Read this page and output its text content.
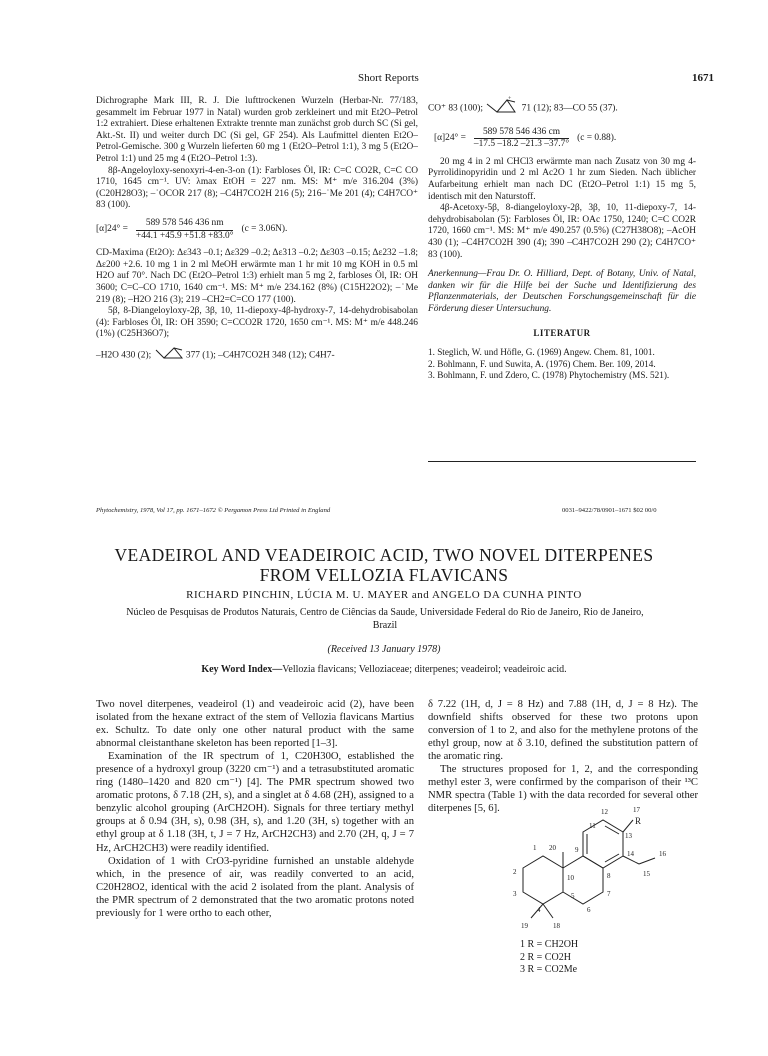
Short Reports	1671

Dichrographe Mark III, R. J. Die lufttrockenen Wurzeln (Herbar-Nr. 77/183, gesammelt im Februar 1977 in Natal) wurden grob zerkleinert und mit Et2O–Petrol 1:2 extrahiert. Diese erhaltenen Extrakte trennte man zunächst grob durch SC (Si gel, Akt.-St. II) und weiter durch DC (Si gel, GF 254). Als Laufmittel dienten Et2O–Petrol-Gemische. 300 g Wurzeln lieferten 60 mg 1 (Et2O–Petrol 1:1), 3 mg 5 (Et2O–Petrol 1:1) und 25 mg 4 (Et2O–Petrol 1:3).

8β-Angeloyloxy-senoxyri-4-en-3-on (1): Farbloses Öl, IR: C=C CO2R, C=C CO 1710, 1645 cm⁻¹. UV: λmax EtOH = 227 nm. MS: M⁺ m/e 316.204 (3%) (C20H28O3); –˙OCOR 217 (8); –C4H7CO2H 216 (5); 216–˙Me 201 (4); C4H7CO⁺ 83 (100).

$[\alpha]24^\circ = \frac{589 578 546 436 nm}{+44.1 +45.9 +51.8 +83.0^\circ} (c = 3.06N)$.

CD-Maxima (Et2O): Δε343 –0.1; Δε329 –0.2; Δε313 –0.2; Δε303 –0.15; Δε232 –1.8; Δε200 +2.6. 10 mg 1 in 2 ml MeOH erwärmte man 1 hr mit 10 mg KOH in 0.5 ml H2O auf 70°. Nach DC (Et2O–Petrol 1:3) erhielt man 5 mg 2, farbloses Öl, IR: OH 3600; C=C–CO 1710, 1640 cm⁻¹. MS: M⁺ m/e 234.162 (8%) (C15H22O2); –˙Me 219 (8); –H2O 216 (3); 219 –CH2=C=CO 177 (100).

5β, 8-Diangeloyloxy-2β, 3β, 10, 11-diepoxy-4β-hydroxy-7, 14-dehydrobisabolan (4): Farbloses Öl, IR: OH 3590; C=CCO2R 1720, 1650 cm⁻¹. MS: M⁺ m/e 448.246 (1%) (C25H36O7);

–H2O 430 (2);	377 (1); –C4H7CO2H 348 (12); C4H7-

CO⁺ 83 (100);
+
71 (12); 83—CO 55 (37).

$[\alpha]24^\circ = \frac{589 578 546 436 cm}{-17.5 -18.2 -21.3 -37.7^\circ} (c = 0.88)$.

20 mg 4 in 2 ml CHCl3 erwärmte man nach Zusatz von 30 mg 4-Pyrrolidinopyridin und 2 ml Ac2O 1 hr zum Sieden. Nach üblicher Aufarbeitung erhielt man nach DC (Et2O–Petrol 1:1) 15 mg 5, identisch mit den Naturstoff.

4β-Acetoxy-5β, 8-diangeloyloxy-2β, 3β, 10, 11-diepoxy-7, 14-dehydrobisabolan (5): Farbloses Öl, IR: OAc 1750, 1240; C=C CO2R 1720, 1660 cm⁻¹. MS: M⁺ m/e 490.257 (0.5%) (C27H38O8); –AcOH 430 (1); –C4H7CO2H 390 (4); 390 –C4H7CO2H 290 (2); C4H7CO⁺ 83 (100).

Anerkennung—Frau Dr. O. Hilliard, Dept. of Botany, Univ. of Natal, danken wir für die Hilfe bei der Suche und Identifizierung des Pflanzenmaterials, der Deutschen Forschungsgemeinschaft für die Förderung dieser Untersuchung.

LITERATUR
1. Steglich, W. und Höfle, G. (1969) Angew. Chem. 81, 1001.
2. Bohlmann, F. und Suwita, A. (1976) Chem. Ber. 109, 2014.
3. Bohlmann, F. und Zdero, C. (1978) Phytochemistry (MS. 521).
Phytochemistry, 1978, Vol 17, pp. 1671–1672 © Pergamon Press Ltd Printed in England	0031–9422/78/0901–1671 $02 00/0
VEADEIROL AND VEADEIROIC ACID, TWO NOVEL DITERPENES
FROM VELLOZIA FLAVICANS
RICHARD PINCHIN, LÚCIA M. U. MAYER and ANGELO DA CUNHA PINTO
Núcleo de Pesquisas de Produtos Naturais, Centro de Ciências da Saude, Universidade Federal do Rio de Janeiro, Rio de Janeiro, Brazil
(Received 13 January 1978)
Key Word Index—Vellozia flavicans; Velloziaceae; diterpenes; veadeirol; veadeiroic acid.

Two novel diterpenes, veadeirol (1) and veadeiroic acid (2), have been isolated from the hexane extract of the stem of Vellozia flavicans Martius ex. Schultz. To date only one other natural product with the same abnormal cleistanthane skeleton has been reported [1–3].

Examination of the IR spectrum of 1, C20H30O, established the presence of a hydroxyl group (3220 cm⁻¹) and a tetrasubstituted aromatic ring (1480–1420 and 820 cm⁻¹) [4]. The PMR spectrum showed two aromatic protons, δ 7.18 (2H, s), and a singlet at δ 4.68 (2H), assigned to a benzylic alcohol grouping (ArCH2OH). Signals for three tertiary methyl groups at δ 0.94 (3H, s), 0.98 (3H, s), and 1.20 (3H, s) together with an ethyl group at δ 1.18 (3H, t, J = 7 Hz, ArCH2CH3) and 2.70 (2H, q, J = 7 Hz, ArCH2CH3) were readily identified.

Oxidation of 1 with CrO3-pyridine furnished an unstable aldehyde which, in the presence of air, was readily converted to an acid, C20H28O2, identical with the acid 2 isolated from the plant. Analysis of the PMR spectrum of 2 demonstrated that the two aromatic protons noted previously for 1 were ortho to each other,

δ 7.22 (1H, d, J = 8 Hz) and 7.88 (1H, d, J = 8 Hz). The downfield shifts observed for these two protons upon conversion of 1 to 2, and also for the methylene protons of the ethyl group, now at δ 3.10, defined the substitution pattern of the aromatic ring.

The structures proposed for 1, 2, and the corresponding methyl ester 3, were confirmed by the comparison of their ¹³C NMR spectra (Table 1) with the data recorded for several other diterpenes [5, 6].	12	17
R
11
13
1 20	9	14	16
2
10	8	15
3	5	7
4	6
19	18
1 R = CH2OH
2 R = CO2H
3 R = CO2Me
